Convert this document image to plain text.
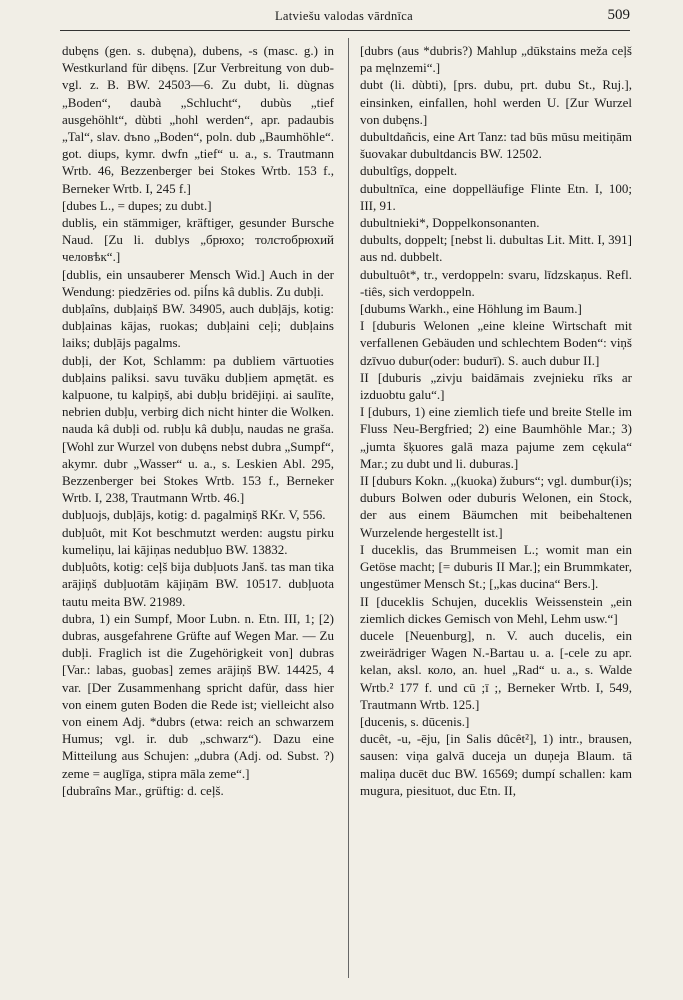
Latviešu valodas vārdnīca	509

dubęns (gen. s. dubęna), dubens, -s (masc. g.) in Westkurland für dibęns. [Zur Verbreitung von dub- vgl. z. B. BW. 24503—6. Zu dubt, li. dùgnas „Boden“, daubà „Schlucht“, dubùs „tief ausgehöhlt“, dùbti „hohl werden“, apr. padaubis „Tal“, slav. dъno „Boden“, poln. dub „Baumhöhle“. got. diups, kymr. dwfn „tief“ u. a., s. Trautmann Wrtb. 46, Bezzenberger bei Stokes Wrtb. 153 f., Berneker Wrtb. I, 245 f.]

[dubes L., = dupes; zu dubt.]

dublis̩, ein stämmiger, kräftiger, gesunder Bursche Naud. [Zu li. dublys „брюхо; толстобрюхий человѣк“.]

[dublis, ein unsauberer Mensch Wid.] Auch in der Wendung: piedzēries od. piĺns kâ dublis. Zu dubļi.

dubļaîns, dubļaiņš BW. 34905, auch dubļājs, kotig: dubļainas kājas, ruokas; dubļaini ceļi; dubļains laiks; dubļājs pagalms.

dubļi, der Kot, Schlamm: pa dubliem vārtuoties dubļains paliksi. savu tuvāku dubļiem apmętāt. es kalpuone, tu kalpiņš, abi dubļu bridējiņi. ai saulīte, nebrien dubļu, verbirg dich nicht hinter die Wolken. nauda kâ dubļi od. rubļu kâ dubļu, naudas ne graša. [Wohl zur Wurzel von dubęns nebst dubra „Sumpf“, akymr. dubr „Wasser“ u. a., s. Leskien Abl. 295, Bezzenberger bei Stokes Wrtb. 153 f., Berneker Wrtb. I, 238, Trautmann Wrtb. 46.]

dubļuojs, dubļājs, kotig: d. pagalmiņš RKr. V, 556.

dubļuôt, mit Kot beschmutzt werden: augstu pirku kumeliņu, lai kājiņas nedubļuo BW. 13832.

dubļuôts, kotig: ceļš bija dubļuots Janš. tas man tika arājiņš dubļuotām kājiņām BW. 10517. dubļuota tautu meita BW. 21989.

dubra, 1) ein Sumpf, Moor Lubn. n. Etn. III, 1; [2) dubras, ausgefahrene Grüfte auf Wegen Mar. — Zu dubļi. Fraglich ist die Zugehörigkeit von] dubras [Var.: labas, guobas] zemes arājiņš BW. 14425, 4 var. [Der Zusammenhang spricht dafür, dass hier von einem guten Boden die Rede ist; vielleicht also von einem Adj. *dubrs (etwa: reich an schwarzem Humus; vgl. ir. dub „schwarz“). Dazu eine Mitteilung aus Schujen: „dubra (Adj. od. Subst. ?) zeme = auglīga, stipra māla zeme“.]

[dubraîns Mar., grüftig: d. ceļš.

[dubrs (aus *dubris?) Mahlup „dūkstains meža ceļš pa męlnzemi“.]

dubt (li. dùbti), [prs. dubu, prt. dubu St., Ruj.], einsinken, einfallen, hohl werden U. [Zur Wurzel von dubęns.]

dubultdañcis, eine Art Tanz: tad būs mūsu meitiņām šuovakar dubultdancis BW. 12502.

dubultîgs, doppelt.

dubultnīca, eine doppelläufige Flinte Etn. I, 100; III, 91.

dubultnieki*, Doppelkonsonanten.

dubults, doppelt; [nebst li. dubultas Lit. Mitt. I, 391] aus nd. dubbelt.

dubultuôt*, tr., verdoppeln: svaru, līdzskaņus. Refl. -tiês, sich verdoppeln.

[dubums Warkh., eine Höhlung im Baum.]

I [duburis Welonen „eine kleine Wirtschaft mit verfallenen Gebäuden und schlechtem Boden“: viņš dzīvuo dubur(oder: budurī). S. auch dubur II.]

II [duburis „zivju baidāmais zvejnieku rīks ar izduobtu galu“.]

I [duburs, 1) eine ziemlich tiefe und breite Stelle im Fluss Neu-Bergfried; 2) eine Baumhöhle Mar.; 3) „jumta šķuores galā maza pajume zem cękula“ Mar.; zu dubt und li. duburas.]

II [duburs Kokn. „(kuoka) žuburs“; vgl. dumbur(i)s; duburs Bolwen oder duburis Welonen, ein Stock, der aus einem Bäumchen mit beibehaltenen Wurzelende hergestellt ist.]

I duceklis, das Brummeisen L.; womit man ein Getöse macht; [= duburis II Mar.]; ein Brummkater, ungestümer Mensch St.; [„kas ducina“ Bers.].

II [duceklis Schujen, duceklis Weissenstein „ein ziemlich dickes Gemisch von Mehl, Lehm usw.“]

ducele [Neuenburg], n. V. auch ducelis, ein zweirädriger Wagen N.-Bartau u. a. [-cele zu apr. kelan, aksl. коло, an. huel „Rad“ u. a., s. Walde Wrtb.² 177 f. und cū ;ī ;, Berneker Wrtb. I, 549, Trautmann Wrtb. 125.]

[ducenis, s. dūcenis.]

ducêt, -u, -ēju, [in Salis dûcêt²], 1) intr., brausen, sausen: viņa galvā duceja un duņeja Blaum. tā maliņa ducēt duc BW. 16569; dumpí schallen: kam mugura, piesituot, duc Etn. II,
